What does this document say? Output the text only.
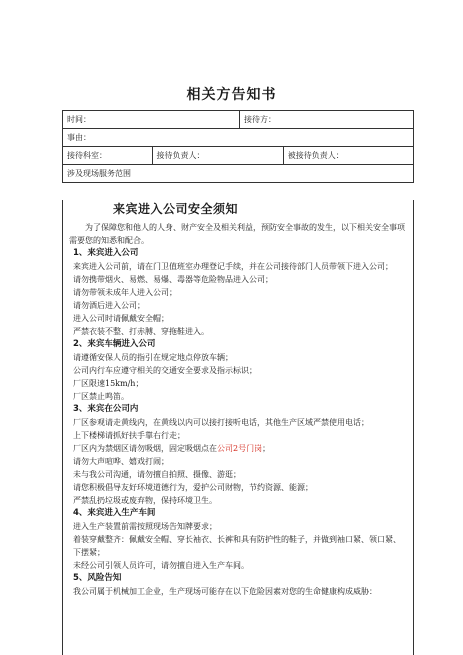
相关方告知书
时间：	接待方：
事由：
接待科室：	接待负责人：	被接待负责人：
涉及现场服务范围
来宾进入公司安全须知
为了保障您和他人的人身、财产安全及相关利益，预防安全事故的发生，以下相关安全事项需要您的知悉和配合。
1、来宾进入公司
来宾进入公司前，请在门卫值班室办理登记手续，并在公司接待部门人员带领下进入公司；
请勿携带烟火、易燃、易爆、毒器等危险物品进入公司；
请勿带领未成年人进入公司；
请勿酒后进入公司；
进入公司时请佩戴安全帽；
严禁衣装不整、打赤膊、穿拖鞋进入。
2、来宾车辆进入公司
请遵循安保人员的指引在规定地点停放车辆；
公司内行车应遵守相关的交通安全要求及指示标识；
厂区限速15km/h；
厂区禁止鸣笛。
3、来宾在公司内
厂区参观请走黄线内，在黄线以内可以接打接听电话，其他生产区域严禁使用电话；
上下楼梯请抓好扶手靠右行走；
厂区内为禁烟区请勿吸烟，固定吸烟点在公司2号门岗；
请勿大声喧哗、嬉戏打闹；
未与我公司沟通，请勿擅自拍照、摄像、游逛；
请您积极倡导友好环境道德行为，爱护公司财物，节约资源、能源；
严禁乱扔垃圾或废弃物，保持环境卫生。
4、来宾进入生产车间
进入生产装置前需按照现场告知牌要求；
着装穿戴整齐：佩戴安全帽、穿长袖衣、长裤和具有防护性的鞋子，并做到袖口紧、领口紧、下摆紧；
未经公司引领人员许可，请勿擅自进入生产车间。
5、风险告知
我公司属于机械加工企业，生产现场可能存在以下危险因素对您的生命健康构成威胁：
